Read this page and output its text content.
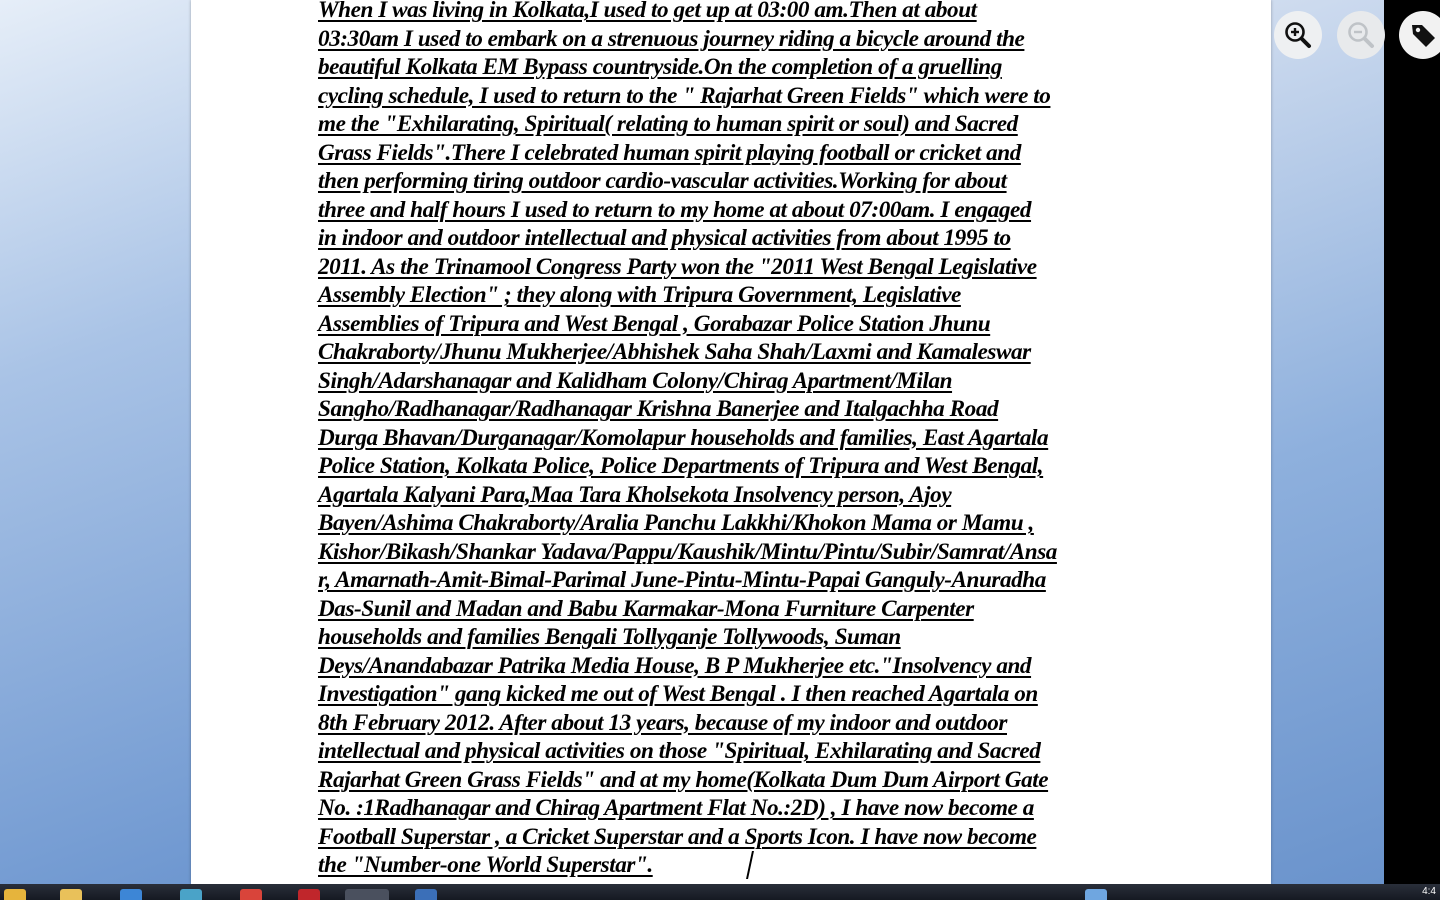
When I was living in Kolkata,I used to get up at 03:00 am.Then at about
03:30am I used to embark on a strenuous journey riding a bicycle around the
beautiful Kolkata EM Bypass countryside.On the completion of a gruelling
cycling schedule, I used to return to the " Rajarhat Green Fields" which were to
me the "Exhilarating, Spiritual( relating to human spirit or soul) and Sacred
Grass Fields".There I celebrated human spirit playing football or cricket and
then performing tiring outdoor cardio-vascular activities.Working for about
three and half hours I used to return to my home at about 07:00am. I engaged
in indoor and outdoor intellectual and physical activities from about 1995 to
2011. As the Trinamool Congress Party won the "2011 West Bengal Legislative
Assembly Election" ; they along with Tripura Government, Legislative
Assemblies of Tripura and West Bengal , Gorabazar Police Station Jhunu
Chakraborty/Jhunu Mukherjee/Abhishek Saha Shah/Laxmi and Kamaleswar
Singh/Adarshanagar and Kalidham Colony/Chirag Apartment/Milan
Sangho/Radhanagar/Radhanagar Krishna Banerjee and Italgachha Road
Durga Bhavan/Durganagar/Komolapur households and families, East Agartala
Police Station, Kolkata Police, Police Departments of Tripura and West Bengal,
Agartala Kalyani Para,Maa Tara Kholsekota Insolvency person, Ajoy
Bayen/Ashima Chakraborty/Aralia Panchu Lakkhi/Khokon Mama or Mamu ,
Kishor/Bikash/Shankar Yadava/Pappu/Kaushik/Mintu/Pintu/Subir/Samrat/Ansa
r, Amarnath-Amit-Bimal-Parimal June-Pintu-Mintu-Papai Ganguly-Anuradha
Das-Sunil and Madan and Babu Karmakar-Mona Furniture Carpenter
households and families Bengali Tollyganje Tollywoods, Suman
Deys/Anandabazar Patrika Media House, B P Mukherjee etc."Insolvency and
Investigation" gang kicked me out of West Bengal . I then reached Agartala on
8th February 2012. After about 13 years, because of my indoor and outdoor
intellectual and physical activities on those "Spiritual, Exhilarating and Sacred
Rajarhat Green Grass Fields" and at my home(Kolkata Dum Dum Airport Gate
No. :1Radhanagar and Chirag Apartment Flat No.:2D) , I have now become a
Football Superstar , a Cricket Superstar and a Sports Icon. I have now become
the "Number-one World Superstar".
4:4
